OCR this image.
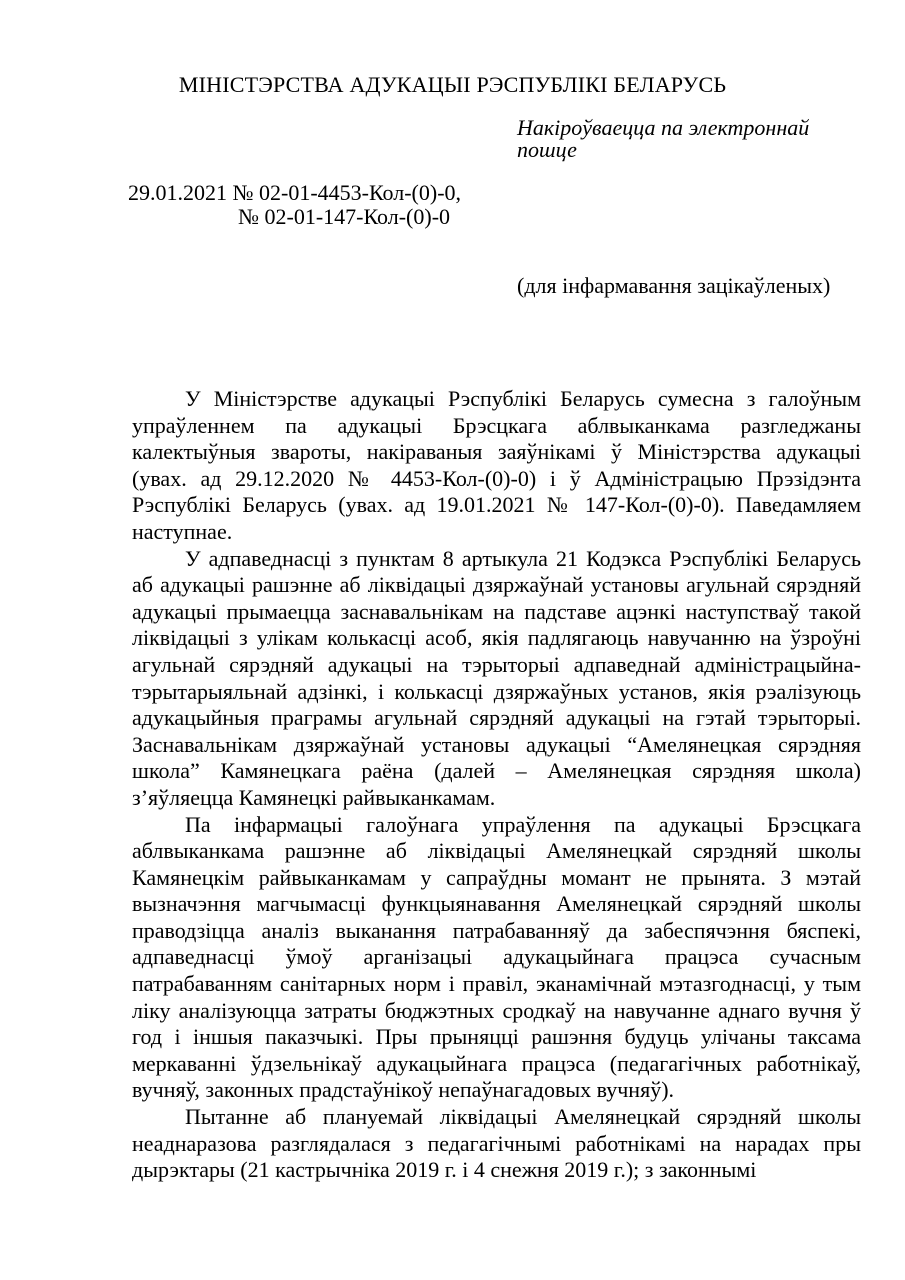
МІНІСТЭРСТВА АДУКАЦЫІ РЭСПУБЛІКІ БЕЛАРУСЬ
Накіроўваецца па электроннай
пошце
29.01.2021 № 02-01-4453-Кол-(0)-0,
№ 02-01-147-Кол-(0)-0
(для інфармавання зацікаўленых)

У Міністэрстве адукацыі Рэспублікі Беларусь сумесна з галоўным упраўленнем па адукацыі Брэсцкага аблвыканкама разгледжаны калектыўныя звароты, накіраваныя заяўнікамі ў Міністэрства адукацыі (увах. ад 29.12.2020 № 4453-Кол-(0)-0) і ў Адміністрацыю Прэзідэнта Рэспублікі Беларусь (увах. ад 19.01.2021 № 147-Кол-(0)-0). Паведамляем наступнае.

У адпаведнасці з пунктам 8 артыкула 21 Кодэкса Рэспублікі Беларусь аб адукацыі рашэнне аб ліквідацыі дзяржаўнай установы агульнай сярэдняй адукацыі прымаецца заснавальнікам на падставе ацэнкі наступстваў такой ліквідацыі з улікам колькасці асоб, якія падлягаюць навучанню на ўзроўні агульнай сярэдняй адукацыі на тэрыторыі адпаведнай адміністрацыйна-тэрытарыяльнай адзінкі, і колькасці дзяржаўных установ, якія рэалізуюць адукацыйныя праграмы агульнай сярэдняй адукацыі на гэтай тэрыторыі. Заснавальнікам дзяржаўнай установы адукацыі “Амелянецкая сярэдняя школа” Камянецкага раёна (далей – Амелянецкая сярэдняя школа) з’яўляецца Камянецкі райвыканкамам.

Па інфармацыі галоўнага упраўлення па адукацыі Брэсцкага аблвыканкама рашэнне аб ліквідацыі Амелянецкай сярэдняй школы Камянецкім райвыканкамам у сапраўдны момант не прынята. З мэтай вызначэння магчымасці функцыянавання Амелянецкай сярэдняй школы праводзіцца аналіз выканання патрабаванняў да забеспячэння бяспекі, адпаведнасці ўмоў арганізацыі адукацыйнага працэса сучасным патрабаванням санітарных норм і правіл, эканамічнай мэтазгоднасці, у тым ліку аналізуюцца затраты бюджэтных сродкаў на навучанне аднаго вучня ў год і іншыя паказчыкі. Пры прыняцці рашэння будуць улічаны таксама меркаванні ўдзельнікаў адукацыйнага працэса (педагагічных работнікаў, вучняў, законных прадстаўнікоў непаўнагадовых вучняў).

Пытанне аб плануемай ліквідацыі Амелянецкай сярэдняй школы неаднаразова разглядалася з педагагічнымі работнікамі на нарадах пры дырэктары (21 кастрычніка 2019 г. і 4 снежня 2019 г.); з законнымі
